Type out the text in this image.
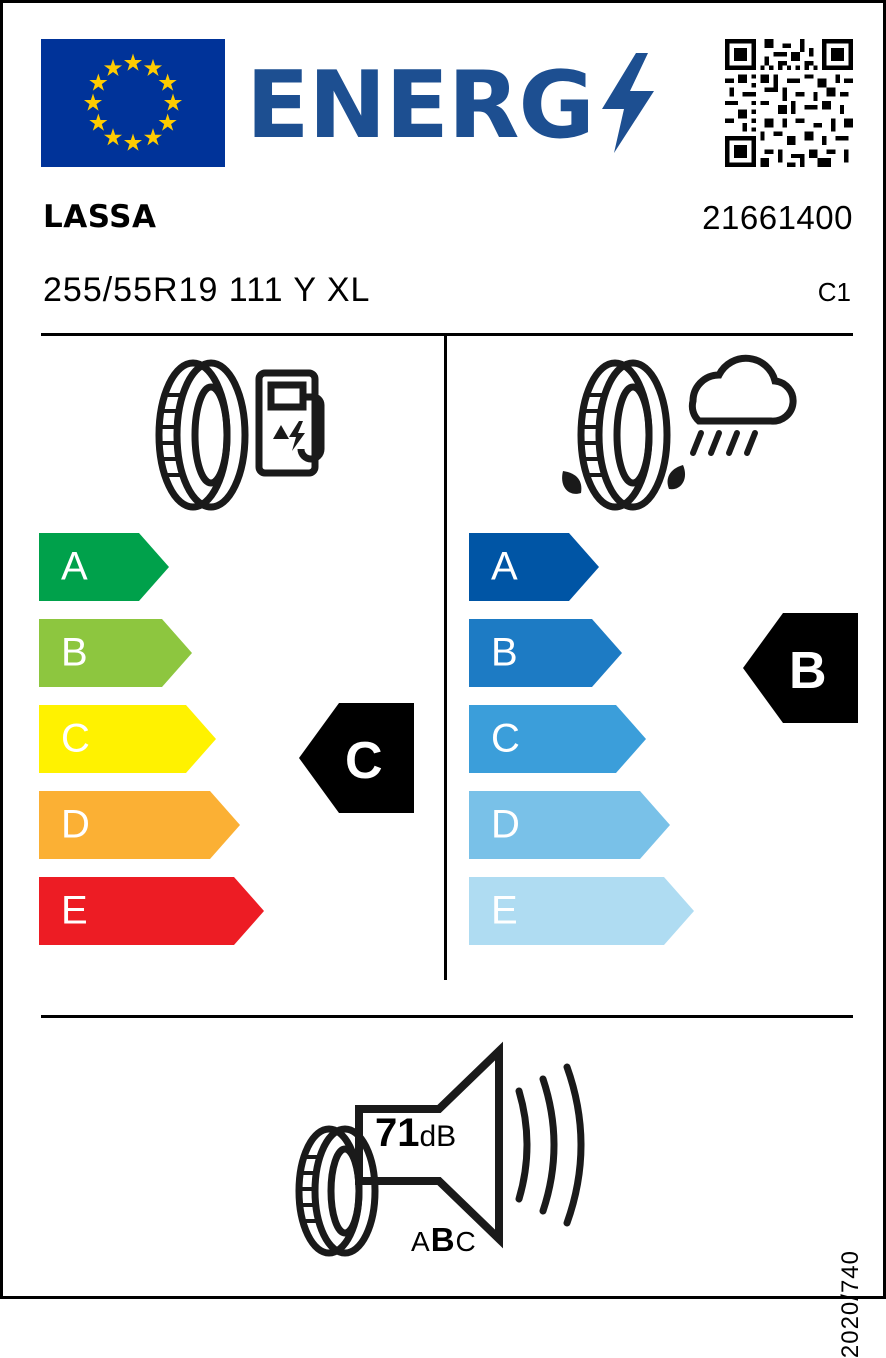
ENERG
LASSA	21661400
255/55R19 111 Y XL	C1
A
B
C
D
E
C
A
B
C
D
E
B
71dB
ABC
2020/740
